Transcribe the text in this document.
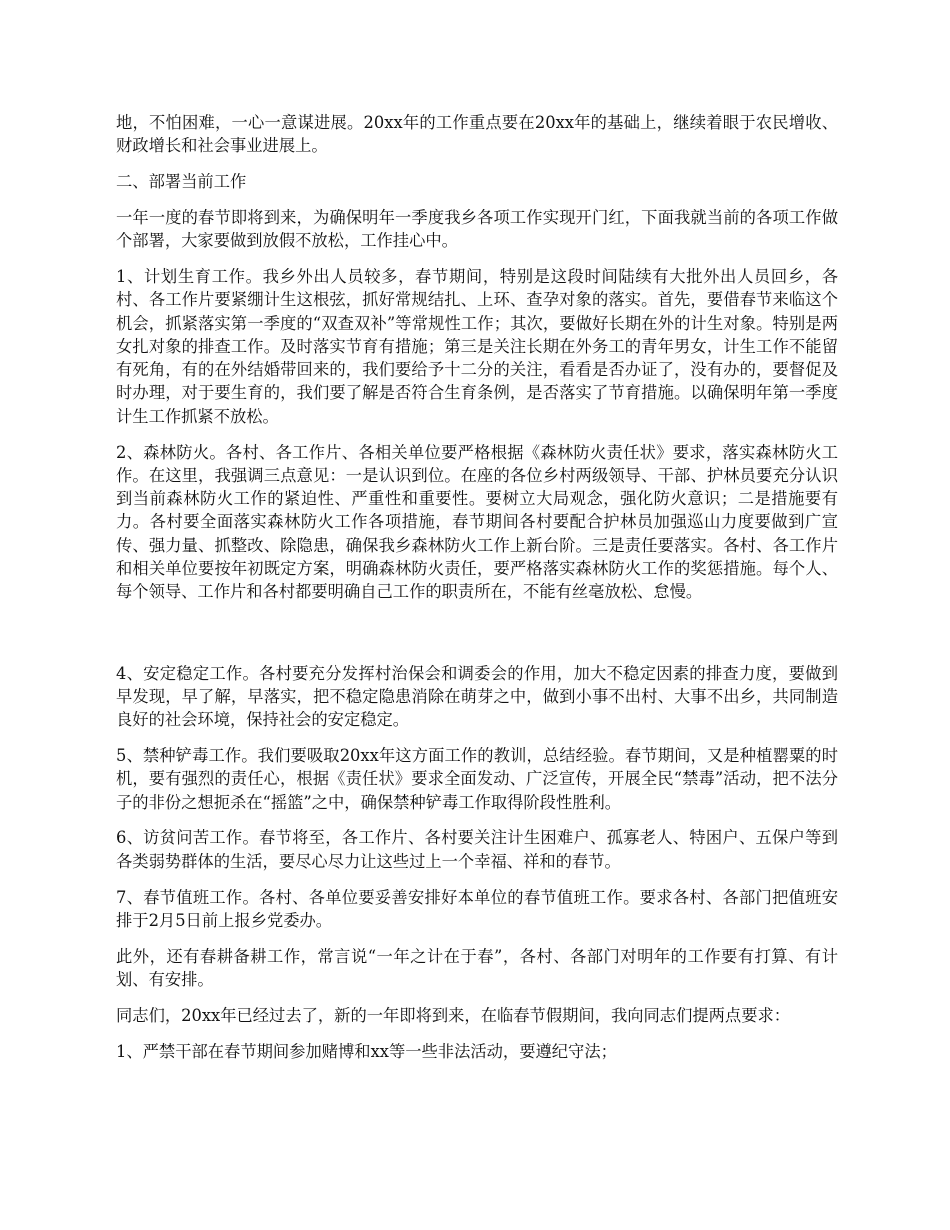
地，不怕困难，一心一意谋进展。20xx年的工作重点要在20xx年的基础上，继续着眼于农民增收、财政增长和社会事业进展上。

二、部署当前工作

一年一度的春节即将到来，为确保明年一季度我乡各项工作实现开门红，下面我就当前的各项工作做个部署，大家要做到放假不放松，工作挂心中。

1、计划生育工作。我乡外出人员较多，春节期间，特别是这段时间陆续有大批外出人员回乡，各村、各工作片要紧绷计生这根弦，抓好常规结扎、上环、查孕对象的落实。首先，要借春节来临这个机会，抓紧落实第一季度的“双查双补”等常规性工作；其次，要做好长期在外的计生对象。特别是两女扎对象的排查工作。及时落实节育有措施；第三是关注长期在外务工的青年男女，计生工作不能留有死角，有的在外结婚带回来的，我们要给予十二分的关注，看看是否办证了，没有办的，要督促及时办理，对于要生育的，我们要了解是否符合生育条例，是否落实了节育措施。以确保明年第一季度计生工作抓紧不放松。

2、森林防火。各村、各工作片、各相关单位要严格根据《森林防火责任状》要求，落实森林防火工作。在这里，我强调三点意见：一是认识到位。在座的各位乡村两级领导、干部、护林员要充分认识到当前森林防火工作的紧迫性、严重性和重要性。要树立大局观念，强化防火意识；二是措施要有力。各村要全面落实森林防火工作各项措施，春节期间各村要配合护林员加强巡山力度要做到广宣传、强力量、抓整改、除隐患，确保我乡森林防火工作上新台阶。三是责任要落实。各村、各工作片和相关单位要按年初既定方案，明确森林防火责任，要严格落实森林防火工作的奖惩措施。每个人、每个领导、工作片和各村都要明确自己工作的职责所在，不能有丝毫放松、怠慢。

4、安定稳定工作。各村要充分发挥村治保会和调委会的作用，加大不稳定因素的排查力度，要做到早发现，早了解，早落实，把不稳定隐患消除在萌芽之中，做到小事不出村、大事不出乡，共同制造良好的社会环境，保持社会的安定稳定。

5、禁种铲毒工作。我们要吸取20xx年这方面工作的教训，总结经验。春节期间，又是种植罂粟的时机，要有强烈的责任心，根据《责任状》要求全面发动、广泛宣传，开展全民“禁毒”活动，把不法分子的非份之想扼杀在“摇篮”之中，确保禁种铲毒工作取得阶段性胜利。

6、访贫问苦工作。春节将至，各工作片、各村要关注计生困难户、孤寡老人、特困户、五保户等到各类弱势群体的生活，要尽心尽力让这些过上一个幸福、祥和的春节。

7、春节值班工作。各村、各单位要妥善安排好本单位的春节值班工作。要求各村、各部门把值班安排于2月5日前上报乡党委办。

此外，还有春耕备耕工作，常言说“一年之计在于春”，各村、各部门对明年的工作要有打算、有计划、有安排。

同志们，20xx年已经过去了，新的一年即将到来，在临春节假期间，我向同志们提两点要求：

1、严禁干部在春节期间参加赌博和xx等一些非法活动，要遵纪守法；
